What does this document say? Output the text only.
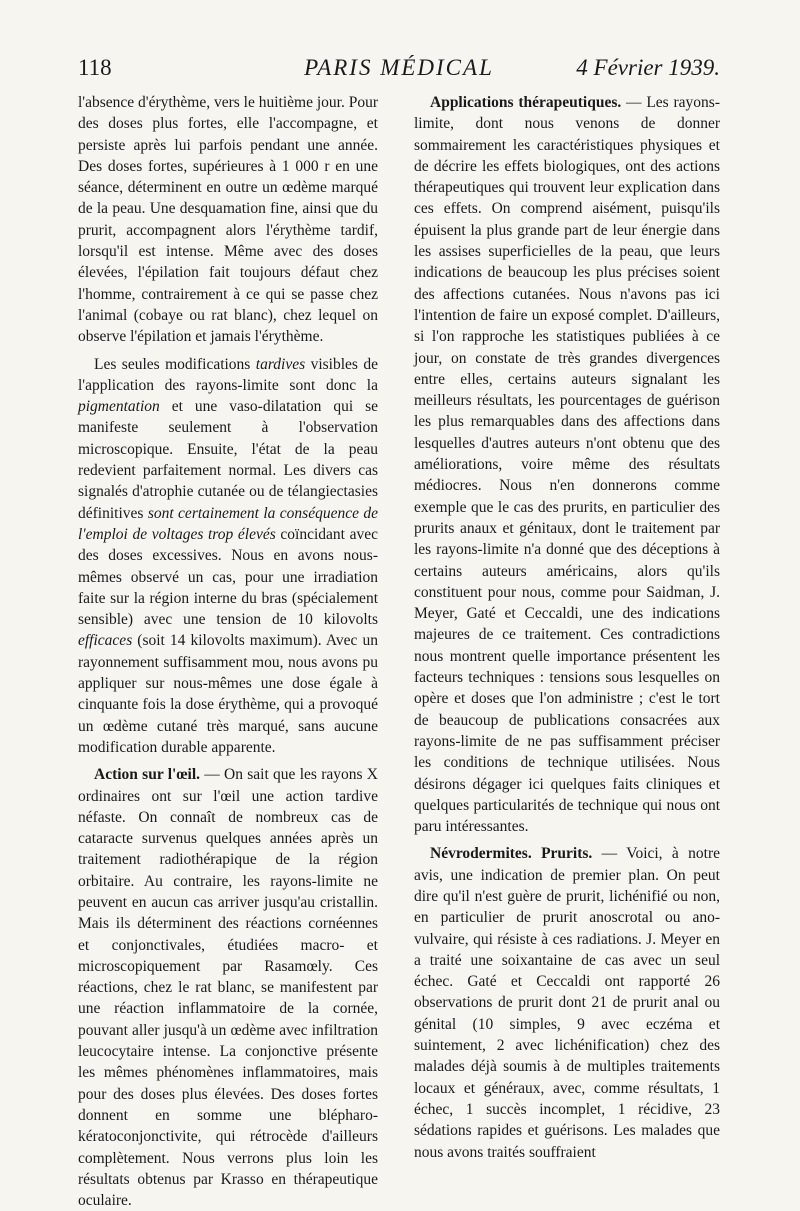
118	PARIS MÉDICAL	4 Février 1939.

l'absence d'érythème, vers le huitième jour. Pour des doses plus fortes, elle l'accompagne, et persiste après lui parfois pendant une année. Des doses fortes, supérieures à 1 000 r en une séance, déterminent en outre un œdème marqué de la peau. Une desquamation fine, ainsi que du prurit, accompagnent alors l'érythème tardif, lorsqu'il est intense. Même avec des doses élevées, l'épilation fait toujours défaut chez l'homme, contrairement à ce qui se passe chez l'animal (cobaye ou rat blanc), chez lequel on observe l'épilation et jamais l'érythème.

Les seules modifications tardives visibles de l'application des rayons-limite sont donc la pigmentation et une vaso-dilatation qui se manifeste seulement à l'observation microscopique. Ensuite, l'état de la peau redevient parfaitement normal. Les divers cas signalés d'atrophie cutanée ou de télangiectasies définitives sont certainement la conséquence de l'emploi de voltages trop élevés coïncidant avec des doses excessives. Nous en avons nous-mêmes observé un cas, pour une irradiation faite sur la région interne du bras (spécialement sensible) avec une tension de 10 kilovolts efficaces (soit 14 kilovolts maximum). Avec un rayonnement suffisamment mou, nous avons pu appliquer sur nous-mêmes une dose égale à cinquante fois la dose érythème, qui a provoqué un œdème cutané très marqué, sans aucune modification durable apparente.

Action sur l'œil. — On sait que les rayons X ordinaires ont sur l'œil une action tardive néfaste. On connaît de nombreux cas de cataracte survenus quelques années après un traitement radiothérapique de la région orbitaire. Au contraire, les rayons-limite ne peuvent en aucun cas arriver jusqu'au cristallin. Mais ils déterminent des réactions cornéennes et conjonctivales, étudiées macro- et microscopiquement par Rasamœly. Ces réactions, chez le rat blanc, se manifestent par une réaction inflammatoire de la cornée, pouvant aller jusqu'à un œdème avec infiltration leucocytaire intense. La conjonctive présente les mêmes phénomènes inflammatoires, mais pour des doses plus élevées. Des doses fortes donnent en somme une blépharo-kératoconjonctivite, qui rétrocède d'ailleurs complètement. Nous verrons plus loin les résultats obtenus par Krasso en thérapeutique oculaire.

Applications thérapeutiques. — Les rayons-limite, dont nous venons de donner sommairement les caractéristiques physiques et de décrire les effets biologiques, ont des actions thérapeutiques qui trouvent leur explication dans ces effets. On comprend aisément, puisqu'ils épuisent la plus grande part de leur énergie dans les assises superficielles de la peau, que leurs indications de beaucoup les plus précises soient des affections cutanées. Nous n'avons pas ici l'intention de faire un exposé complet. D'ailleurs, si l'on rapproche les statistiques publiées à ce jour, on constate de très grandes divergences entre elles, certains auteurs signalant les meilleurs résultats, les pourcentages de guérison les plus remarquables dans des affections dans lesquelles d'autres auteurs n'ont obtenu que des améliorations, voire même des résultats médiocres. Nous n'en donnerons comme exemple que le cas des prurits, en particulier des prurits anaux et génitaux, dont le traitement par les rayons-limite n'a donné que des déceptions à certains auteurs américains, alors qu'ils constituent pour nous, comme pour Saidman, J. Meyer, Gaté et Ceccaldi, une des indications majeures de ce traitement. Ces contradictions nous montrent quelle importance présentent les facteurs techniques : tensions sous lesquelles on opère et doses que l'on administre ; c'est le tort de beaucoup de publications consacrées aux rayons-limite de ne pas suffisamment préciser les conditions de technique utilisées. Nous désirons dégager ici quelques faits cliniques et quelques particularités de technique qui nous ont paru intéressantes.

Névrodermites. Prurits. — Voici, à notre avis, une indication de premier plan. On peut dire qu'il n'est guère de prurit, lichénifié ou non, en particulier de prurit anoscrotal ou ano-vulvaire, qui résiste à ces radiations. J. Meyer en a traité une soixantaine de cas avec un seul échec. Gaté et Ceccaldi ont rapporté 26 observations de prurit dont 21 de prurit anal ou génital (10 simples, 9 avec eczéma et suintement, 2 avec lichénification) chez des malades déjà soumis à de multiples traitements locaux et généraux, avec, comme résultats, 1 échec, 1 succès incomplet, 1 récidive, 23 sédations rapides et guérisons. Les malades que nous avons traités souffraient
